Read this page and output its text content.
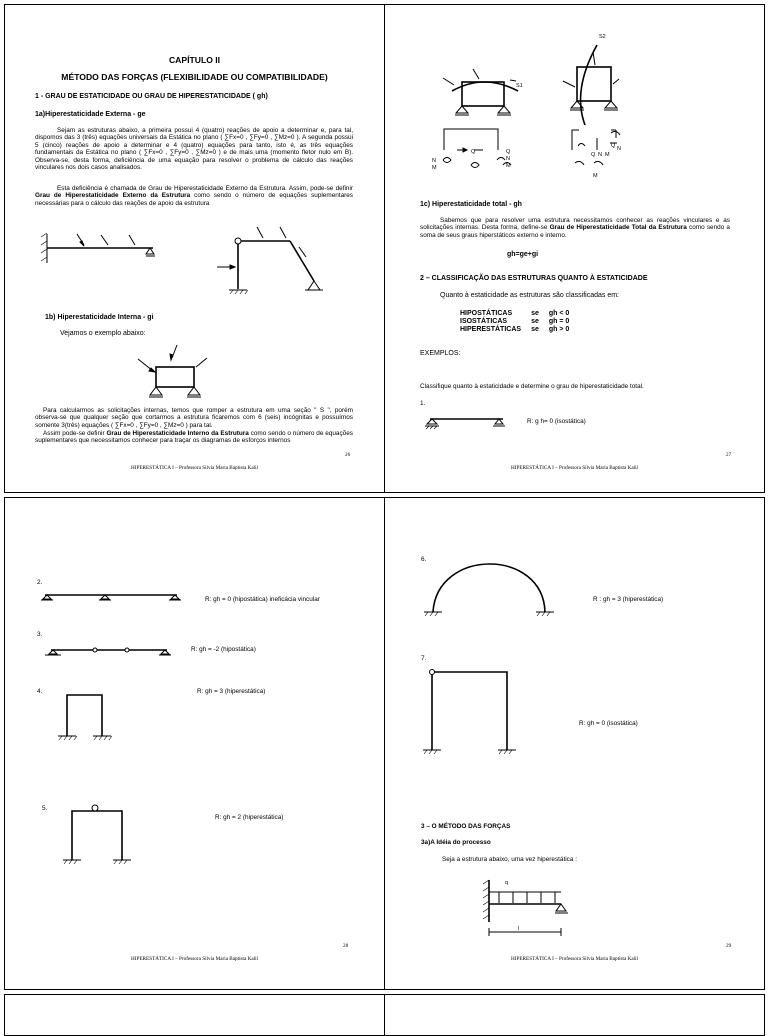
CAPÍTULO II
MÉTODO DAS FORÇAS (FLEXIBILIDADE OU COMPATIBILIDADE)
1 - GRAU DE ESTATICIDADE OU GRAU DE HIPERESTATICIDADE ( gh)
1a)Hiperestaticidade Externa - ge
Sejam as estruturas abaixo, a primeira possui 4 (quatro) reações de apoio a determinar e, para tal, dispomos das 3 (três) equações universais da Estática no plano ( ∑Fx=0 , ∑Fy=0 , ∑Mz=0 ). A segunda possui 5 (cinco) reações de apoio a determinar e 4 (quatro) equações para tanto, isto é, as três equações fundamentais da Estática no plano ( ∑Fx=0 , ∑Fy=0 , ∑Mz=0 ) e de mais uma (momento fletor nulo em B). Observa-se, desta forma, deficiência de uma equação para resolver o problema de cálculo das reações vinculares nos dois casos analisados.
Esta deficiência é chamada de Grau de Hiperestaticidade Externo da Estrutura. Assim, pode-se definir Grau de Hiperestaticidade Externo da Estrutura como sendo o número de equações suplementares necessárias para o cálculo das reações de apoio da estrutura
1b) Hiperestaticidade Interna - gi
Vejamos o exemplo abaixo:
Para calcularmos as solicitações internas, temos que romper a estrutura em uma seção " S ", porém observa-se que qualquer seção que cortarmos a estrutura ficaremos com 6 (seis) incógnitas e possuímos somente 3(três) equações ( ∑Fx=0 , ∑Fy=0 , ∑Mz=0 ) para tal.
Assim pode-se definir Grau de Hiperestaticidade Interno da Estrutura como sendo o número de equações suplementares que necessitamos conhecer para traçar os diagramas de esforços internos
26
HIPERESTÁTICA I – Professora Silvia Maria Baptista Kalil
S1
S2
Q
N
M
Q
N
M
Q N M
Q N
M
1c) Hiperestaticidade total - gh
Sabemos que para resolver uma estrutura necessitamos conhecer as reações vinculares e as solicitações internas. Desta forma, define-se Grau de Hiperestaticidade Total da Estrutura como sendo a soma de seus graus hiperstáticos externo e interno.
gh=ge+gi
2 – CLASSIFICAÇÃO DAS ESTRUTURAS QUANTO À ESTATICIDADE
Quanto à estaticidade as estruturas são classificadas em:
HIPOSTÁTICAS	se	gh < 0
ISOSTÁTICAS	se	gh = 0
HIPERESTÁTICAS	se	gh > 0
EXEMPLOS:
Classifique quanto à estaticidade e determine o grau de hiperestaticidade total.
1.
R: g h= 0 (isostática)
27
HIPERESTÁTICA I – Professora Silvia Maria Baptista Kalil
2.
R: gh = 0 (hipostática) ineficácia vincular
3.
R: gh = -2 (hipostática)
4.	R: gh = 3 (hiperestática)
5.
R: gh = 2 (hiperestática)
28
HIPERESTÁTICA I – Professora Silvia Maria Baptista Kalil
6.
R : gh = 3 (hiperestática)
7.
R: gh = 0 (isostática)
q
l
3 – O MÉTODO DAS FORÇAS
3a)A Idéia do processo
Seja a estrutura abaixo, uma vez hiperestática :
29
HIPERESTÁTICA I – Professora Silvia Maria Baptista Kalil
